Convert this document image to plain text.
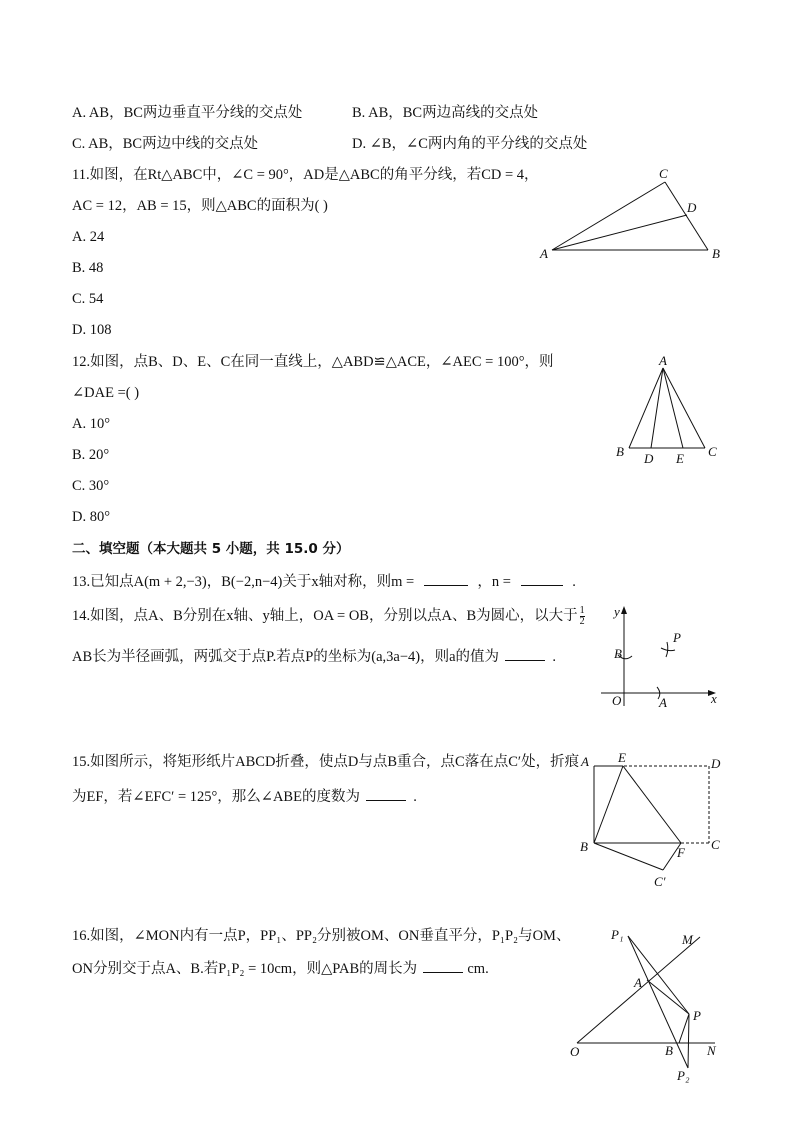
A. AB，BC两边垂直平分线的交点处	B. AB，BC两边高线的交点处
C. AB，BC两边中线的交点处	D. ∠B，∠C两内角的平分线的交点处
11.如图，在Rt△ABC中，∠C = 90°，AD是△ABC的角平分线，若CD = 4，
AC = 12，AB = 15，则△ABC的面积为( )
A. 24
B. 48
C. 54
D. 108
A	B
C
D
12.如图，点B、D、E、C在同一直线上，△ABD≌△ACE，∠AEC = 100°，则
∠DAE =( )
A. 10°
B. 20°
C. 30°
D. 80°
A
B D E C
二、填空题（本大题共 5 小题，共 15.0 分）
13.已知点A(m + 2,−3)，B(−2,n−4)关于x轴对称，则m =	，n =	.
14.如图，点A、B分别在x轴、y轴上，OA = OB，分别以点A、B为圆心，以大于 $\frac{1}{2}$
AB长为半径画弧，两弧交于点P.若点P的坐标为(a,3a−4)，则a的值为	.
y
x
O	A
B
P
15.如图所示，将矩形纸片ABCD折叠，使点D与点B重合，点C落在点C′处，折痕
为EF，若∠EFC′ = 125°，那么∠ABE的度数为	.
A E	D
B	F
C
C′
16.如图，∠MON内有一点P，PP₁、PP₂分别被OM、ON垂直平分，P₁P₂与OM、
ON分别交于点A、B.若P₁P₂ = 10cm，则△PAB的周长为	cm.
P₁	M
A
P
O	B	N
P₂
